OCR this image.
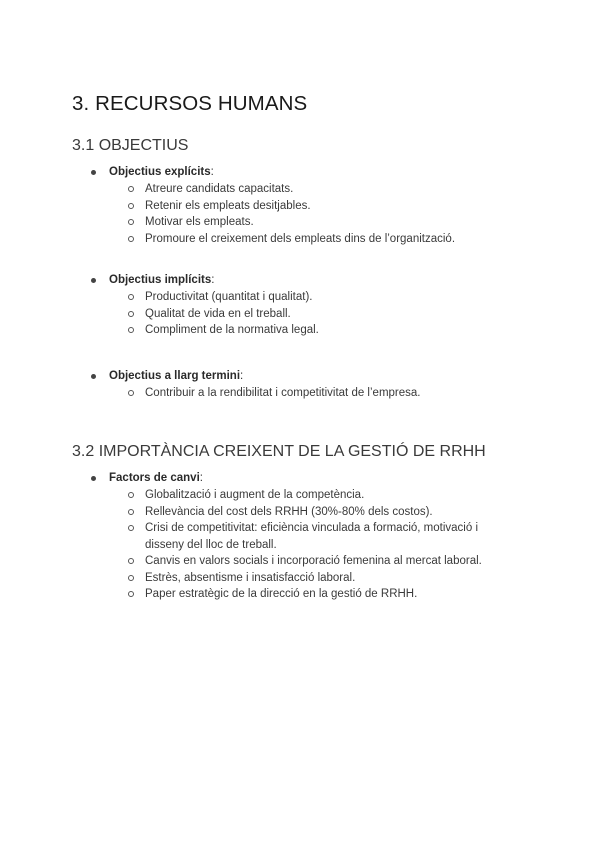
3. RECURSOS HUMANS
3.1 OBJECTIUS
Objectius explícits:
Atreure candidats capacitats.
Retenir els empleats desitjables.
Motivar els empleats.
Promoure el creixement dels empleats dins de l’organització.
Objectius implícits:
Productivitat (quantitat i qualitat).
Qualitat de vida en el treball.
Compliment de la normativa legal.
Objectius a llarg termini:
Contribuir a la rendibilitat i competitivitat de l’empresa.
3.2 IMPORTÀNCIA CREIXENT DE LA GESTIÓ DE RRHH
Factors de canvi:
Globalització i augment de la competència.
Rellevància del cost dels RRHH (30%-80% dels costos).
Crisi de competitivitat: eficiència vinculada a formació, motivació i disseny del lloc de treball.
Canvis en valors socials i incorporació femenina al mercat laboral.
Estrès, absentisme i insatisfacció laboral.
Paper estratègic de la direcció en la gestió de RRHH.
